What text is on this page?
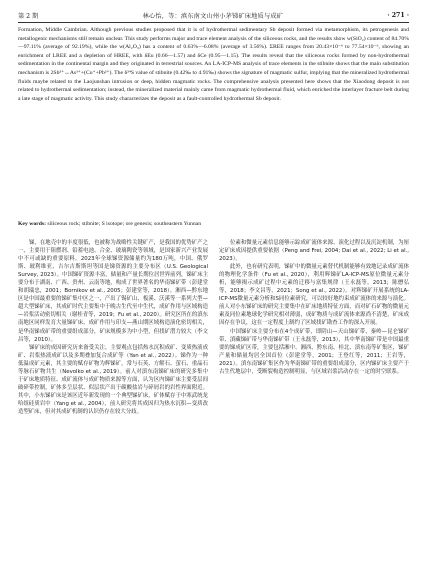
第 2 期	林心怡，等：滇东南文山州小茅锑矿床地质与成矿	· 271 ·
Formation, Middle Cambrian. Although previous studies proposed that it is of hydrothermal sedimentary Sb deposit formed via metamorphism, its petrogenesis and metallogenic mechanisms still remain unclear. This study performs major and trace element analysis of the siliceous rocks, and the results show w(SiO₂) content of 84.70%—97.11% (average of 92.19%), while the w(Al₂O₃) has a content of 0.63%—6.08% (average of 3.56%). ΣREE ranges from 20.43×10⁻⁶ to 77.54×10⁻⁶, showing an enrichment of LREE and a depletion of HREE, with δEu (0.66—1.57) and δCe (0.95—1.15). The results reveal that the siliceous rocks formed by non-hydrothermal sedimentation in the continental margin and they originated in terrestrial sources. An LA-ICP-MS analysis of trace elements in the stibnite shows that the main substitution mechanism is 2Sb³⁺↔As³⁺+(Cu⁺+Pb²⁺). The δ³⁴S value of stibnite (0.42‰ to 4.91‰) shows the signature of magmatic sulfur, implying that the mineralized hydrothermal fluids maybe related to the Laojunshan intrusion or deep, hidden magmatic rocks. The comprehensive analysis presented here shows that the Xiaodong deposit is not related to hydrothermal sedimentation; instead, the mineralized material mainly came from magmatic hydrothermal fluid, which enriched the interlayer fracture belt during a late stage of magmatic activity. This study characterizes the deposit as a fault-controlled hydrothermal Sb deposit.
Key words: siliceous rock; stibnite; S isotope; ore genesis; southeastern Yunnan

锑，在地壳中的丰度很低，也被称为战略性关键矿产，是我国的优势矿产之一，主要用于阻燃剂、铅蓄电池、合金、玻璃陶瓷等领域，是国家新兴产业发展中不可或缺的重要原料。2023年全球锑资源储量约为180万吨，中国、俄罗斯、玻利维亚、吉尔吉斯斯坦等国是锑资源的主要分布区（U.S. Geological Survey, 2023）。中国锑矿资源丰富，储量和产量长期位居世界前列，锑矿床主要分布于湖南、广西、贵州、云南等地，构成了世界著名的华南锑矿带（彭建堂和胡瑞忠，2001；Bornikov et al., 2005；彭建堂等，2018）。湘西—黔东地区是中国最重要的锑矿集中区之一，产出了锡矿山、板溪、沃溪等一系列大型—超大型锑矿床，其成矿时代主要集中于晚古生代至中生代，成矿作用与区域构造—岩浆活动密切相关（谢桂青等，2019；Fu et al., 2020）。研究区所在的滇东南地区同样发育大量锑矿床，成矿作用与印支—燕山期区域构造演化密切相关，是华南锑成矿带的重要组成部分，矿床规模多为中小型，但找矿潜力较大（李文昌等，2010）。

锑矿床的成因研究历来备受关注，主要观点包括热水沉积成矿、变质热液成矿、岩浆热液成矿以及多期叠加复合成矿等（Yan et al., 2022）。锑作为一种低温成矿元素，其主要的赋存矿物为辉锑矿，常与石英、方解石、萤石、重晶石等脉石矿物共生（Nevolko et al., 2019）。前人对滇东南锑矿床的研究多集中于矿床地质特征、成矿流体与成矿物质来源等方面，认为区内锑矿床主要受层间破碎带控制，矿体多呈层状、似层状产出于碳酸盐岩与碎屑岩的岩性界面附近。其中，小东锑矿床是该区近年新发现的一个典型锑矿床，矿体赋存于中寒武统龙哈组硅质岩中（Yang et al., 2004），前人研究将其成因归为热水沉积—变质改造型矿床，但对其成矿机制的认识仍存在较大分歧。

位素和微量元素信息能够示踪成矿流体来源、演化过程以及沉淀机制，为厘定矿床成因提供重要依据（Peng and Frei, 2004; Dai et al., 2022; Li et al., 2023）。

此外，也有研究表明，锑矿中的微量元素替代机制能够有效地记录成矿流体的物理化学条件（Fu et al., 2020），利用辉锑矿LA-ICP-MS原位微量元素分析，能够揭示成矿过程中元素的迁移与富集规律（王永磊等，2013；陈懋弘等，2018；李文昌等，2021；Song et al., 2022）。对辉锑矿开展系统的LA-ICP-MS微量元素分析和S同位素研究，可以较好地约束成矿流体的来源与演化。前人对小东锑矿床的研究主要集中在矿床地质特征方面，而对矿石矿物的微量元素及同位素地球化学研究相对薄弱，成矿物质与成矿流体来源尚不清楚，矿床成因存在争议，这在一定程度上制约了区域找矿勘查工作的深入开展。

中国锑矿床主要分布在4个成矿带，即阴山—天山锑矿带、秦岭—昆仑锑矿带、滇藏锑矿带与华南锑矿带（王永磊等，2013），其中华南锑矿带是中国最重要的锑成矿区带，主要包括湘中、湘西、黔东南、桂北、滇东南等矿集区，锑矿产量和储量均居全国首位（彭建堂等，2001；王登红等，2011；王岩等，2021）。滇东南锑矿集区作为华南锑矿带的重要组成部分，区内锑矿床主要产于古生代地层中，受断裂构造控制明显，与区域岩浆活动存在一定的时空联系。
